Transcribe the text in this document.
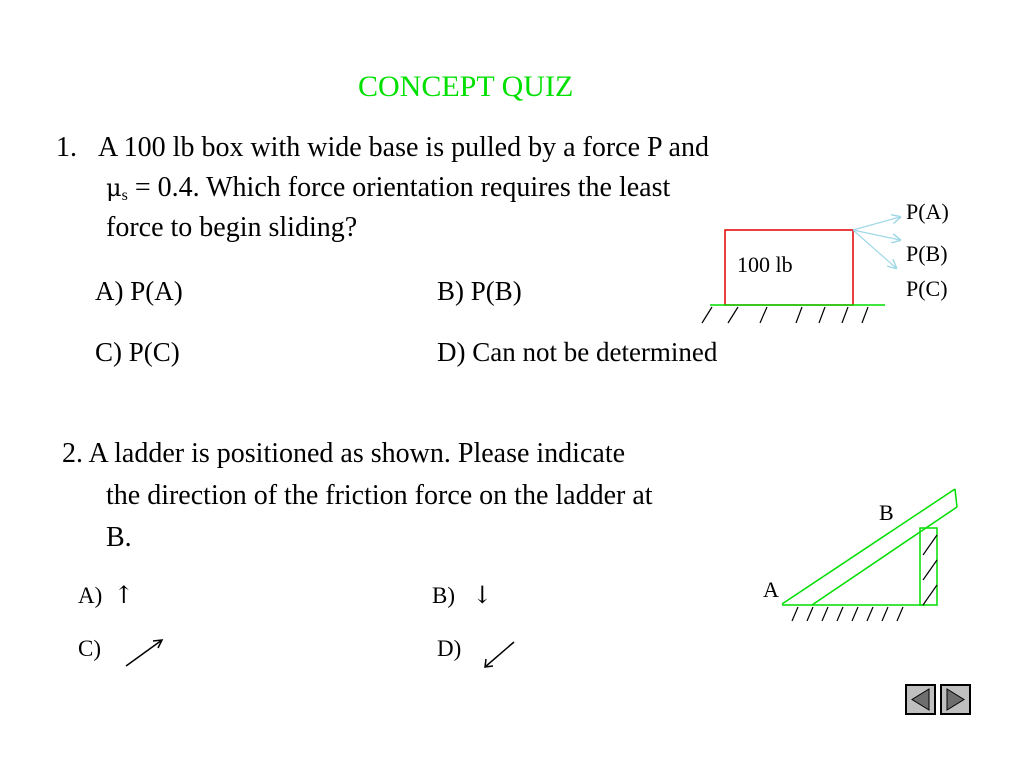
CONCEPT QUIZ
1. A 100 lb box with wide base is pulled by a force P and
$\mu_s = 0.4$. Which force orientation requires the least
force to begin sliding?
A) P(A)	B) P(B)
C) P(C)	D) Can not be determined
100 lb
P(A)
P(B)
P(C)
2. A ladder is positioned as shown. Please indicate
the direction of the friction force on the ladder at
B.
A) ↑	B) ↓
C)	D)
B
A
